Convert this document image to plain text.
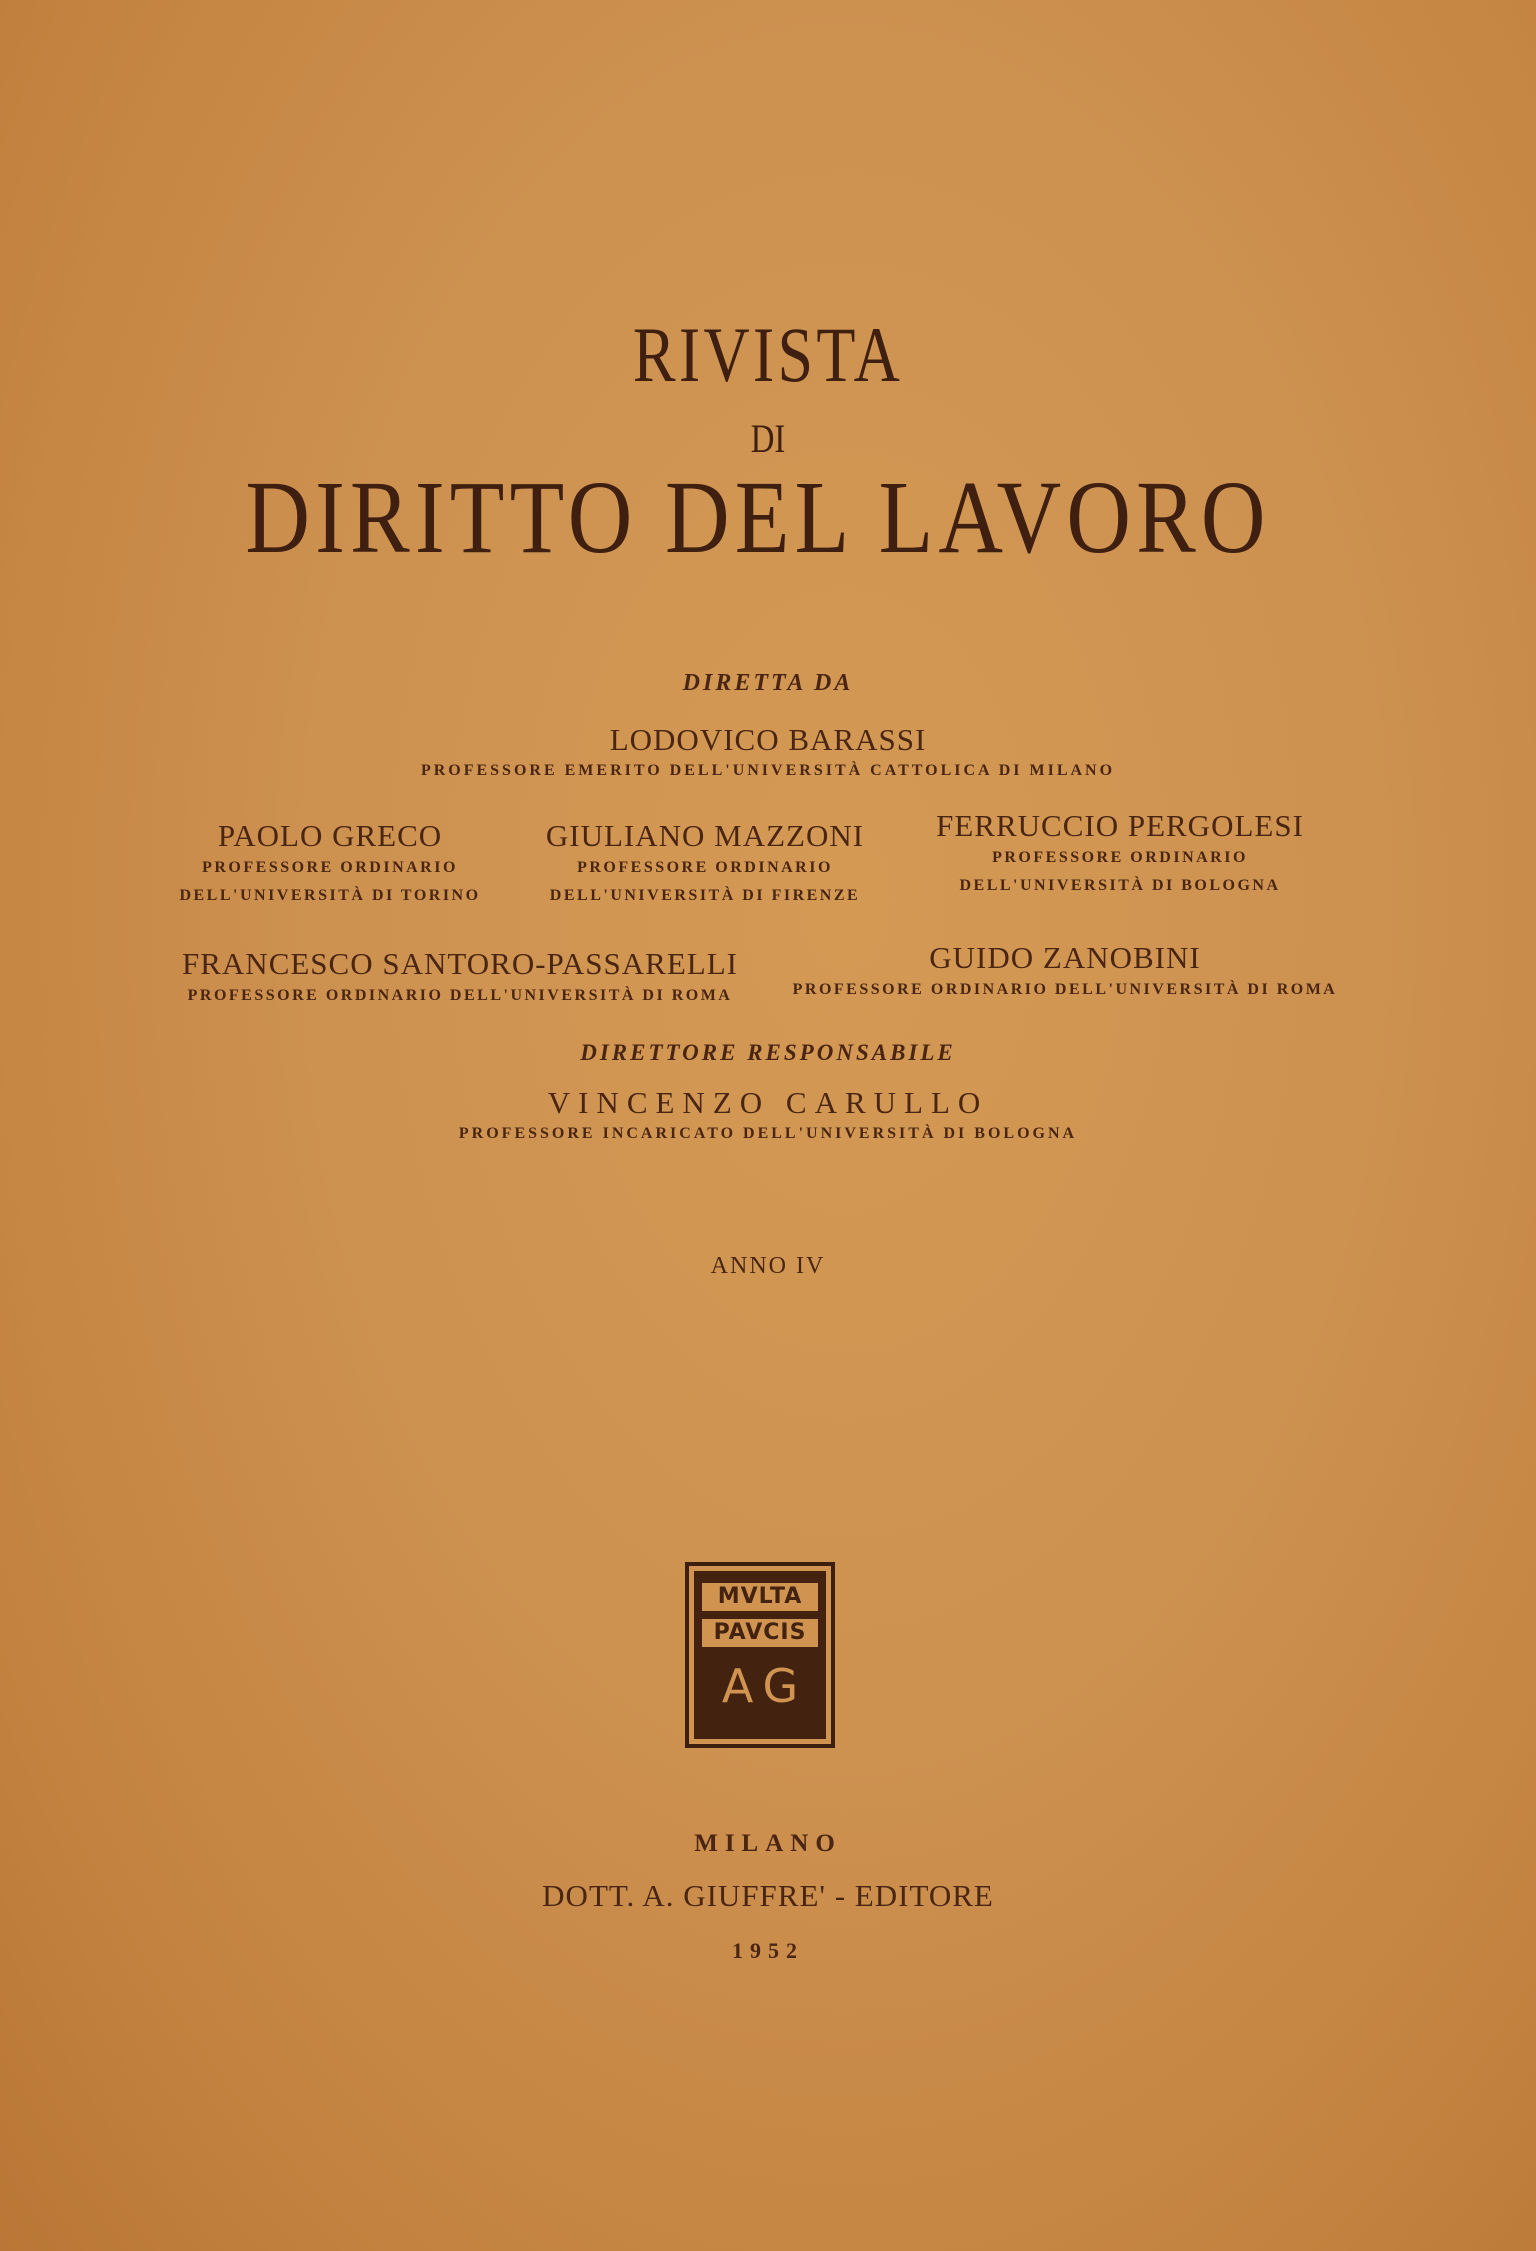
RIVISTA
DI
DIRITTO DEL LAVORO
DIRETTA DA
LODOVICO BARASSI
PROFESSORE EMERITO DELL'UNIVERSITÀ CATTOLICA DI MILANO
PAOLO GRECO
PROFESSORE ORDINARIO
DELL'UNIVERSITÀ DI TORINO
GIULIANO MAZZONI
PROFESSORE ORDINARIO
DELL'UNIVERSITÀ DI FIRENZE
FERRUCCIO PERGOLESI
PROFESSORE ORDINARIO
DELL'UNIVERSITÀ DI BOLOGNA
FRANCESCO SANTORO-PASSARELLI
PROFESSORE ORDINARIO DELL'UNIVERSITÀ DI ROMA
GUIDO ZANOBINI
PROFESSORE ORDINARIO DELL'UNIVERSITÀ DI ROMA
DIRETTORE RESPONSABILE
VINCENZO CARULLO
PROFESSORE INCARICATO DELL'UNIVERSITÀ DI BOLOGNA
ANNO IV
MVLTA
PAVCIS
AG
MILANO
DOTT. A. GIUFFRE' - EDITORE
1952
